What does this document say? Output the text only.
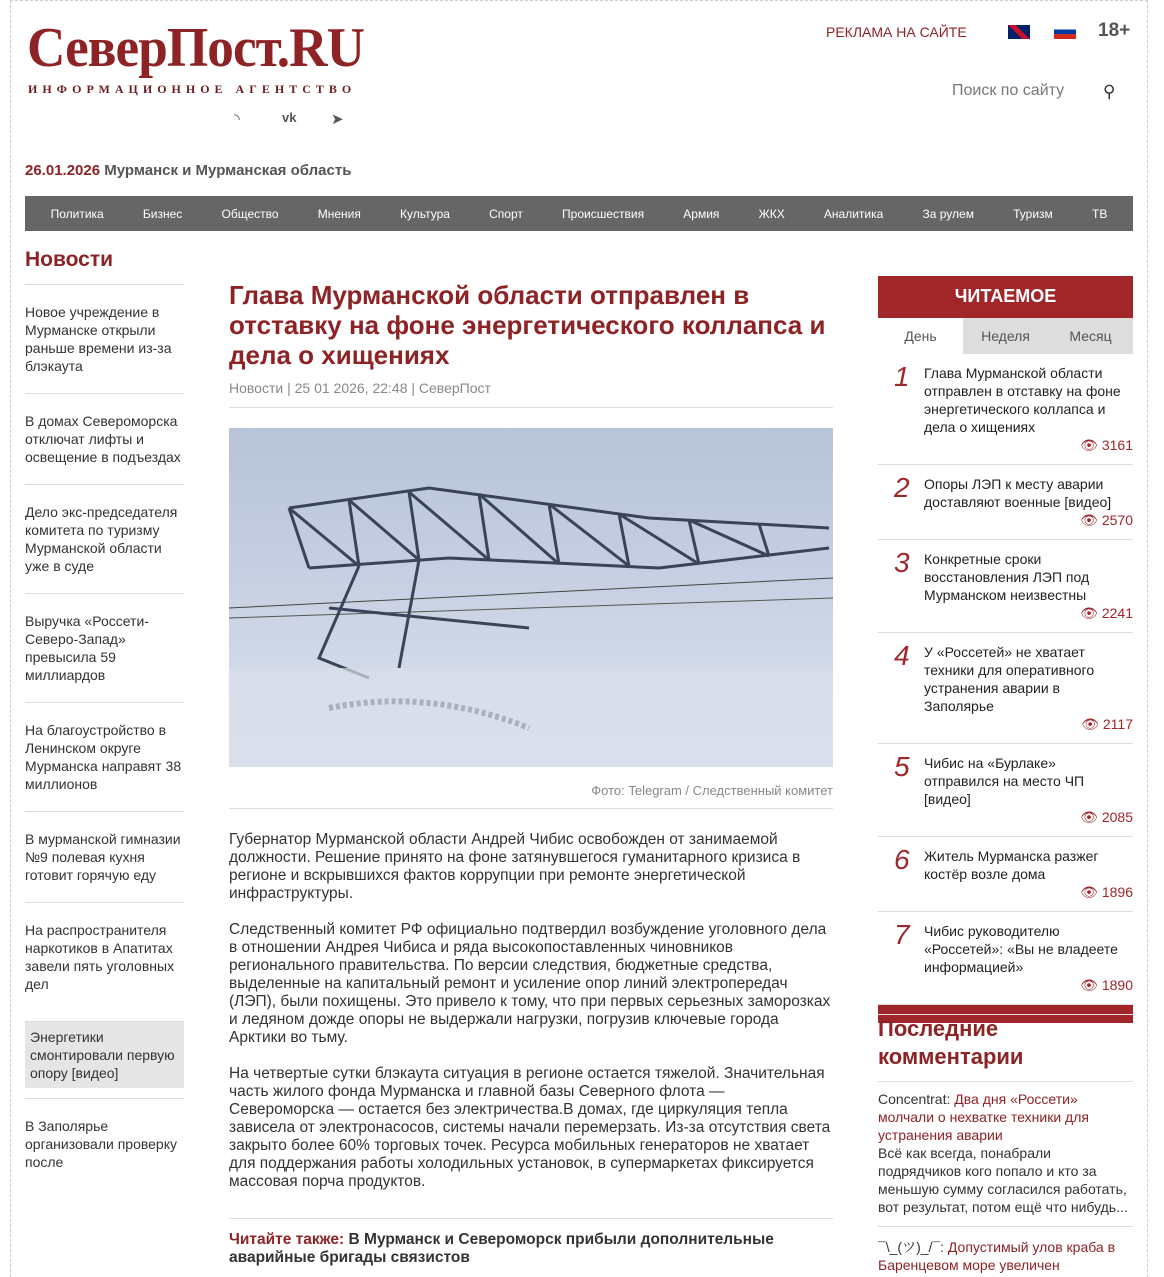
СеверПост.RU
ИНФОРМАЦИОННОЕ АГЕНТСТВО
◝	vk ➤
РЕКЛАМА НА САЙТЕ	18+
Поиск по сайту ⚲
26.01.2026 Мурманск и Мурманская область
Политика	Бизнес	Общество	Мнения	Культура	Спорт	Происшествия	Армия	ЖКХ	Аналитика	За рулем	Туризм	ТВ
Новости
Новое учреждение в Мурманске открыли раньше времени из-за блэкаута
В домах Североморска отключат лифты и освещение в подъездах
Дело экс-председателя комитета по туризму Мурманской области уже в суде
Выручка «Россети-Северо-Запад» превысила 59 миллиардов
На благоустройство в Ленинском округе Мурманска направят 38 миллионов
В мурманской гимназии №9 полевая кухня готовит горячую еду
На распространителя наркотиков в Апатитах завели пять уголовных дел
Энергетики смонтировали первую опору [видео]
В Заполярье организовали проверку после
Глава Мурманской области отправлен в отставку на фоне энергетического коллапса и дела о хищениях
Новости | 25 01 2026, 22:48 | СеверПост
Фото: Telegram / Следственный комитет

Губернатор Мурманской области Андрей Чибис освобожден от занимаемой должности. Решение принято на фоне затянувшегося гуманитарного кризиса в регионе и вскрывшихся фактов коррупции при ремонте энергетической инфраструктуры.

Следственный комитет РФ официально подтвердил возбуждение уголовного дела в отношении Андрея Чибиса и ряда высокопоставленных чиновников регионального правительства. По версии следствия, бюджетные средства, выделенные на капитальный ремонт и усиление опор линий электропередач (ЛЭП), были похищены. Это привело к тому, что при первых серьезных заморозках и ледяном дожде опоры не выдержали нагрузки, погрузив ключевые города Арктики во тьму.

На четвертые сутки блэкаута ситуация в регионе остается тяжелой. Значительная часть жилого фонда Мурманска и главной базы Северного флота — Североморска — остается без электричества.В домах, где циркуляция тепла зависела от электронасосов, системы начали перемерзать. Из-за отсутствия света закрыто более 60% торговых точек. Ресурса мобильных генераторов не хватает для поддержания работы холодильных установок, в супермаркетах фиксируется массовая порча продуктов.

Читайте также: В Мурманск и Североморск прибыли дополнительные аварийные бригады связистов
ЧИТАЕМОЕ
День	Неделя	Месяц
1 Глава Мурманской области отправлен в отставку на фоне энергетического коллапса и дела о хищениях
👁 3161
2 Опоры ЛЭП к месту аварии доставляют военные [видео]
👁 2570
3 Конкретные сроки восстановления ЛЭП под Мурманском неизвестны
👁 2241
4 У «Россетей» не хватает техники для оперативного устранения аварии в Заполярье
👁 2117
5 Чибис на «Бурлаке» отправился на место ЧП [видео]
👁 2085
6 Житель Мурманска разжег костёр возле дома
👁 1896
7 Чибис руководителю «Россетей»: «Вы не владеете информацией»
👁 1890
Последние комментарии
Concentrat: Два дня «Россети» молчали о нехватке техники для устранения аварии
Всё как всегда, понабрали подрядчиков кого попало и кто за меньшую сумму согласился работать, вот результат, потом ещё что нибудь...
¯\_(ツ)_/¯: Допустимый улов краба в Баренцевом море увеличен
